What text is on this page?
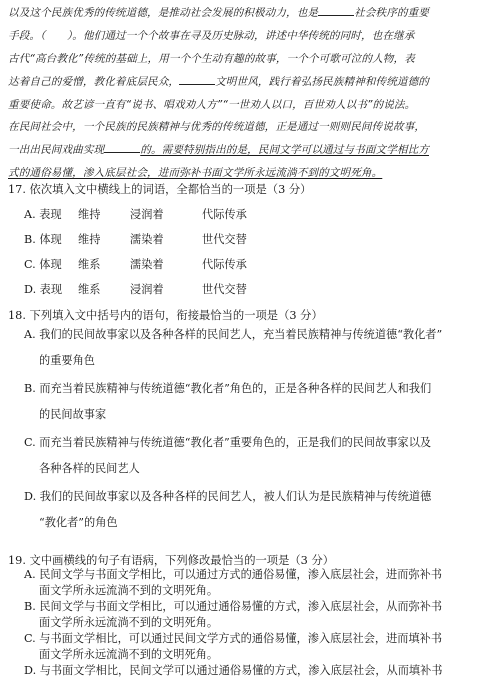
以及这个民族优秀的传统道德，是推动社会发展的积极动力，也是	社会秩序的重要
手段。（　　）。他们通过一个个故事在寻及历史脉动，讲述中华传统的同时，也在继承
古代“高台教化”传统的基础上，用一个个生动有趣的故事，一个个可歌可泣的人物，表
达着自己的爱憎，教化着底层民众，	文明世风，践行着弘扬民族精神和传统道德的
重要使命。故艺谚一直有“说书、唱戏劝人方”“一世劝人以口，百世劝人以书”的说法。
在民间社会中，一个民族的民族精神与优秀的传统道德，正是通过一则则民间传说故事，
一出出民间戏曲实现	的。需要特别指出的是，民间文学可以通过与书面文学相比方
式的通俗易懂，渗入底层社会，进而弥补书面文学所永远流淌不到的文明死角。
17. 依次填入文中横线上的词语，全都恰当的一项是（3 分）
A. 表现 维持	浸润着	代际传承
B. 体现 维持	濡染着	世代交替
C. 体现 维系	濡染着	代际传承
D. 表现 维系	浸润着	世代交替
18. 下列填入文中括号内的语句，衔接最恰当的一项是（3 分）
A. 我们的民间故事家以及各种各样的民间艺人，充当着民族精神与传统道德“教化者”
的重要角色
B. 而充当着民族精神与传统道德“教化者”角色的，正是各种各样的民间艺人和我们
的民间故事家
C. 而充当着民族精神与传统道德“教化者”重要角色的，正是我们的民间故事家以及
各种各样的民间艺人
D. 我们的民间故事家以及各种各样的民间艺人，被人们认为是民族精神与传统道德
“教化者”的角色
19. 文中画横线的句子有语病，下列修改最恰当的一项是（3 分）
A. 民间文学与书面文学相比，可以通过方式的通俗易懂，渗入底层社会，进而弥补书
面文学所永远流淌不到的文明死角。
B. 民间文学与书面文学相比，可以通过通俗易懂的方式，渗入底层社会，从而弥补书
面文学所永远流淌不到的文明死角。
C. 与书面文学相比，可以通过民间文学方式的通俗易懂，渗入底层社会，进而填补书
面文学所永远流淌不到的文明死角。
D. 与书面文学相比，民间文学可以通过通俗易懂的方式，渗入底层社会，从而填补书
